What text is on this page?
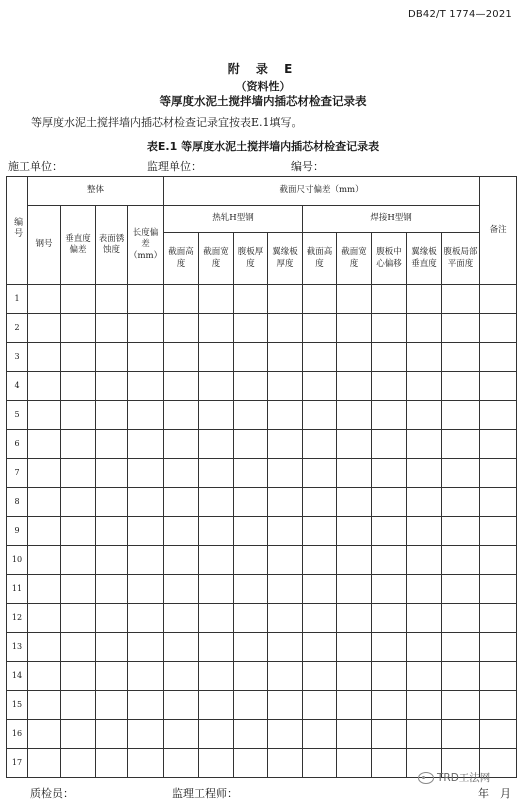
DB42/T 1774—2021
附 录 E
（资料性）
等厚度水泥土搅拌墙内插芯材检查记录表
等厚度水泥土搅拌墙内插芯材检查记录宜按表E.1填写。
表E.1 等厚度水泥土搅拌墙内插芯材检查记录表
施工单位：	监理单位：	编号：
编号	整体				截面尺寸偏差（mm）									备注
	钢号	垂直度偏差	表面锈蚀度	长度偏差（mm）	热轧H型钢				焊接H型钢					
					截面高度	截面宽度	腹板厚度	翼缘板厚度	截面高度	截面宽度	腹板中心偏移	翼缘板垂直度	腹板局部平面度	
1														
2														
3														
4														
5														
6														
7														
8														
9														
10														
11														
12														
13														
14														
15														
16														
17														
质检员：	监理工程师：	年　月
TRD工法网
